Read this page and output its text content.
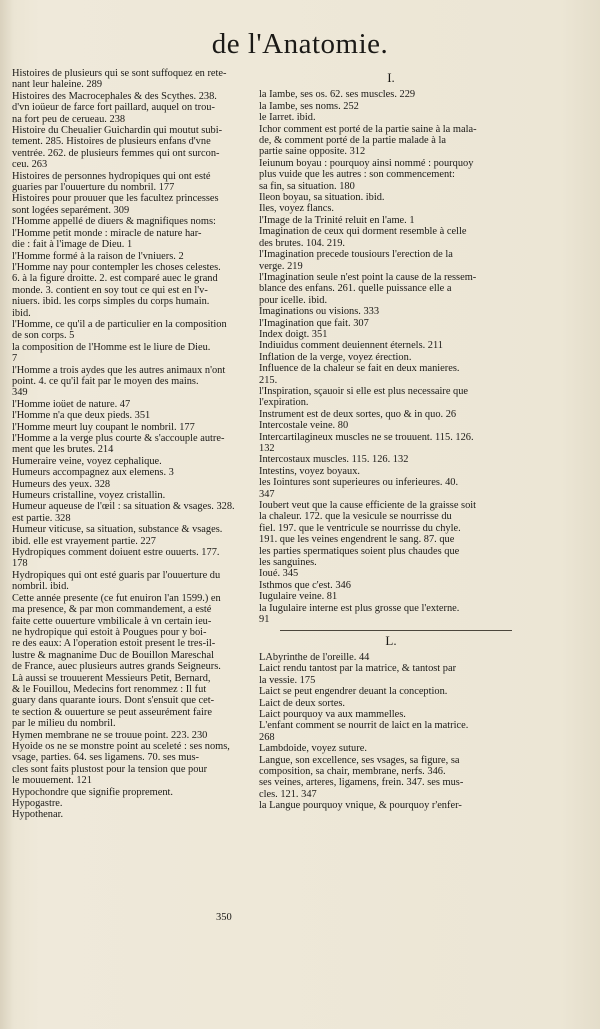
de l'Anatomie.
Histoires de plusieurs qui se sont suffoquez en rete-
nant leur haleine. 289
Histoires des Macrocephales & des Scythes. 238.
d'vn ioüeur de farce fort paillard, auquel on trou-
na fort peu de cerueau. 238
Histoire du Cheualier Guichardin qui moutut subi-
tement. 285. Histoires de plusieurs enfans d'vne
ventrée. 262. de plusieurs femmes qui ont surcon-
ceu. 263
Histoires de personnes hydropiques qui ont esté
guaries par l'ouuerture du nombril. 177
Histoires pour prouuer que les facultez princesses
sont logées separément. 309
l'Homme appellé de diuers & magnifiques noms:
l'Homme petit monde : miracle de nature har-
die : fait à l'image de Dieu. 1
l'Homme formé à la raison de l'vniuers. 2
l'Homme nay pour contempler les choses celestes.
6. à la figure droitte. 2. est comparé auec le grand
monde. 3. contient en soy tout ce qui est en l'v-
niuers. ibid. les corps simples du corps humain.
ibid.
l'Homme, ce qu'il a de particulier en la composition
de son corps. 5
la composition de l'Homme est le liure de Dieu.
7
l'Homme a trois aydes que les autres animaux n'ont
point. 4. ce qu'il fait par le moyen des mains.
349
l'Homme ioüet de nature. 47
l'Homme n'a que deux pieds. 351
l'Homme meurt luy coupant le nombril. 177
l'Homme a la verge plus courte & s'accouple autre-
ment que les brutes. 214
Humeraire veine, voyez cephalique.
Humeurs accompagnez aux elemens. 3
Humeurs des yeux. 328
Humeurs cristalline, voyez cristallin.
Humeur aqueuse de l'œil : sa situation & vsages. 328.
est partie. 328
Humeur viticuse, sa situation, substance & vsages.
ibid. elle est vrayement partie. 227
Hydropiques comment doiuent estre ouuerts. 177.
178
Hydropiques qui ont esté guaris par l'ouuerture du
nombril. ibid.
Cette année presente (ce fut enuiron l'an 1599.) en
ma presence, & par mon commandement, a esté
faite cette ouuerture vmbilicale à vn certain ieu-
ne hydropique qui estoit à Pougues pour y boi-
re des eaux: A l'operation estoit present le tres-il-
lustre & magnanime Duc de Bouillon Mareschal
de France, auec plusieurs autres grands Seigneurs.
Là aussi se trouuerent Messieurs Petit, Bernard,
& le Fouillou, Medecins fort renommez : Il fut
guary dans quarante iours. Dont s'ensuit que cet-
te section & ouuerture se peut asseurément faire
par le milieu du nombril.
Hymen membrane ne se trouue point. 223. 230
Hyoide os ne se monstre point au sceleté : ses noms,
vsage, parties. 64. ses ligamens. 70. ses mus-
cles sont faits plustost pour la tension que pour
le mouuement. 121
Hypochondre que signifie proprement.
Hypogastre.
Hypothenar.
I.
la Iambe, ses os. 62. ses muscles. 229
la Iambe, ses noms. 252
le Iarret. ibid.
Ichor comment est porté de la partie saine à la mala-
de, & comment porté de la partie malade à la
partie saine opposite. 312
Ieiunum boyau : pourquoy ainsi nommé : pourquoy
plus vuide que les autres : son commencement:
sa fin, sa situation. 180
Ileon boyau, sa situation. ibid.
Iles, voyez flancs.
l'Image de la Trinité reluit en l'ame. 1
Imagination de ceux qui dorment resemble à celle
des brutes. 104. 219.
l'Imagination precede tousiours l'erection de la
verge. 219
l'Imagination seule n'est point la cause de la ressem-
blance des enfans. 261. quelle puissance elle a
pour icelle. ibid.
Imaginations ou visions. 333
l'Imagination que fait. 307
Index doigt. 351
Indiuidus comment deuiennent éternels. 211
Inflation de la verge, voyez érection.
Influence de la chaleur se fait en deux manieres.
215.
l'Inspiration, sçauoir si elle est plus necessaire que
l'expiration.
Instrument est de deux sortes, quo & in quo. 26
Intercostale veine. 80
Intercartilagineux muscles ne se trouuent. 115. 126.
132
Intercostaux muscles. 115. 126. 132
Intestins, voyez boyaux.
les Iointures sont superieures ou inferieures. 40.
347
Ioubert veut que la cause efficiente de la graisse soit
la chaleur. 172. que la vesicule se nourrisse du
fiel. 197. que le ventricule se nourrisse du chyle.
191. que les veines engendrent le sang. 87. que
les parties spermatiques soient plus chaudes que
les sanguines.
Ioué. 345
Isthmos que c'est. 346
Iugulaire veine. 81
la Iugulaire interne est plus grosse que l'externe.
91
L.
LAbyrinthe de l'oreille. 44
Laict rendu tantost par la matrice, & tantost par
la vessie. 175
Laict se peut engendrer deuant la conception.
Laict de deux sortes.
Laict pourquoy va aux mammelles.
L'enfant comment se nourrit de laict en la matrice.
268
Lambdoide, voyez suture.
Langue, son excellence, ses vsages, sa figure, sa
composition, sa chair, membrane, nerfs. 346.
ses veines, arteres, ligamens, frein. 347. ses mus-
cles. 121. 347
la Langue pourquoy vnique, & pourquoy r'enfer-
350
